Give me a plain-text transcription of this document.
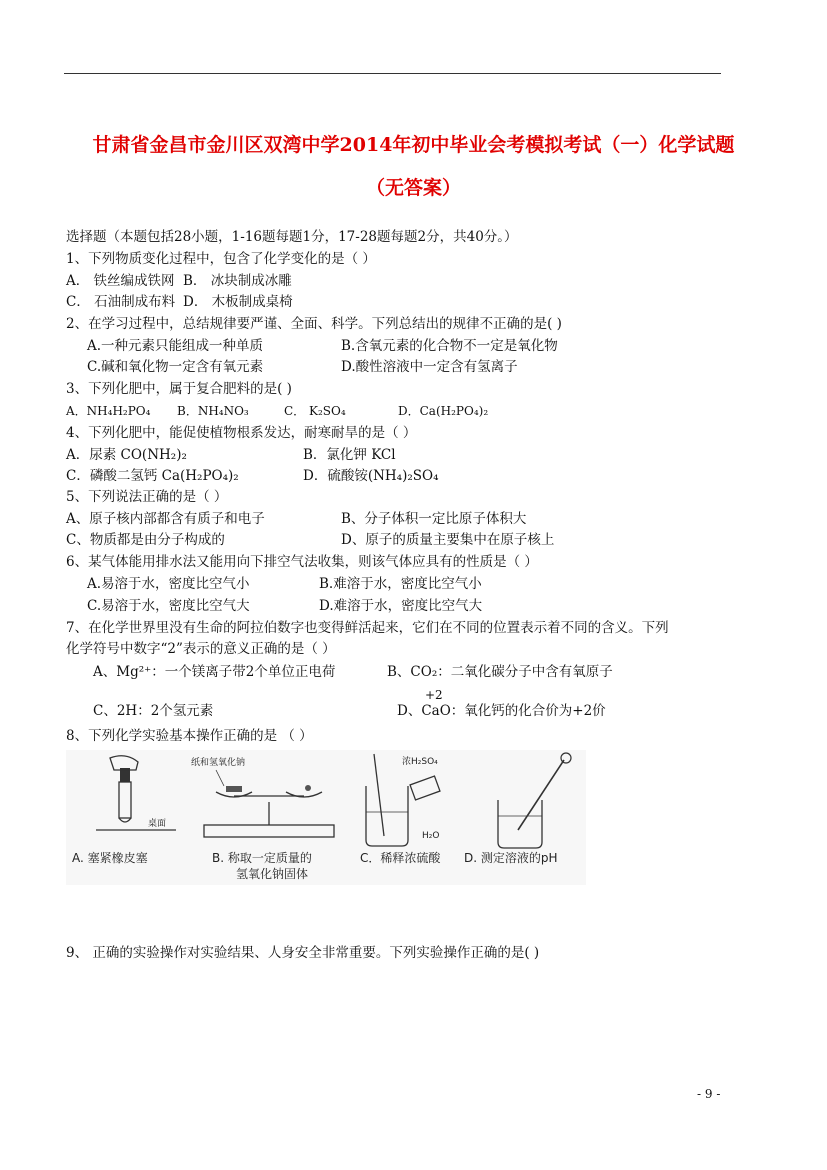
甘肃省金昌市金川区双湾中学2014年初中毕业会考模拟考试（一）化学试题
（无答案）
选择题（本题包括28小题，1-16题每题1分，17-28题每题2分，共40分。）
1、下列物质变化过程中，包含了化学变化的是（ ）
A． 铁丝编成铁网 B． 冰块制成冰雕
C． 石油制成布料 D． 木板制成桌椅
2、在学习过程中，总结规律要严谨、全面、科学。下列总结出的规律不正确的是( )
A.一种元素只能组成一种单质	B.含氧元素的化合物不一定是氧化物
C.碱和氧化物一定含有氧元素	D.酸性溶液中一定含有氢离子
3、下列化肥中，属于复合肥料的是( )
A．NH₄H₂PO₄ B．NH₄NO₃	C． K₂SO₄	D．Ca(H₂PO₄)₂
4、下列化肥中，能促使植物根系发达，耐寒耐旱的是（ ）
A．尿素 CO(NH₂)₂	B．氯化钾 KCl
C．磷酸二氢钙 Ca(H₂PO₄)₂	D．硫酸铵(NH₄)₂SO₄
5、下列说法正确的是（ ）
A、原子核内部都含有质子和电子	B、分子体积一定比原子体积大
C、物质都是由分子构成的	D、原子的质量主要集中在原子核上
6、某气体能用排水法又能用向下排空气法收集，则该气体应具有的性质是（ ）
A.易溶于水，密度比空气小	B.难溶于水，密度比空气小
C.易溶于水，密度比空气大	D.难溶于水，密度比空气大
7、在化学世界里没有生命的阿拉伯数字也变得鲜活起来，它们在不同的位置表示着不同的含义。下列
化学符号中数字“2”表示的意义正确的是（ ）
A、Mg²⁺：一个镁离子带2个单位正电荷	B、CO₂：二氧化碳分子中含有氧原子
+2
C、2H：2个氢元素	D、CaO：氧化钙的化合价为+2价
8、下列化学实验基本操作正确的是 （ ）
桌面
A. 塞紧橡皮塞
纸和氢氧化钠
B. 称取一定质量的
氢氧化钠固体
浓H₂SO₄
H₂O
C．稀释浓硫酸 D. 测定溶液的pH
9、 正确的实验操作对实验结果、人身安全非常重要。下列实验操作正确的是( )
- 9 -
